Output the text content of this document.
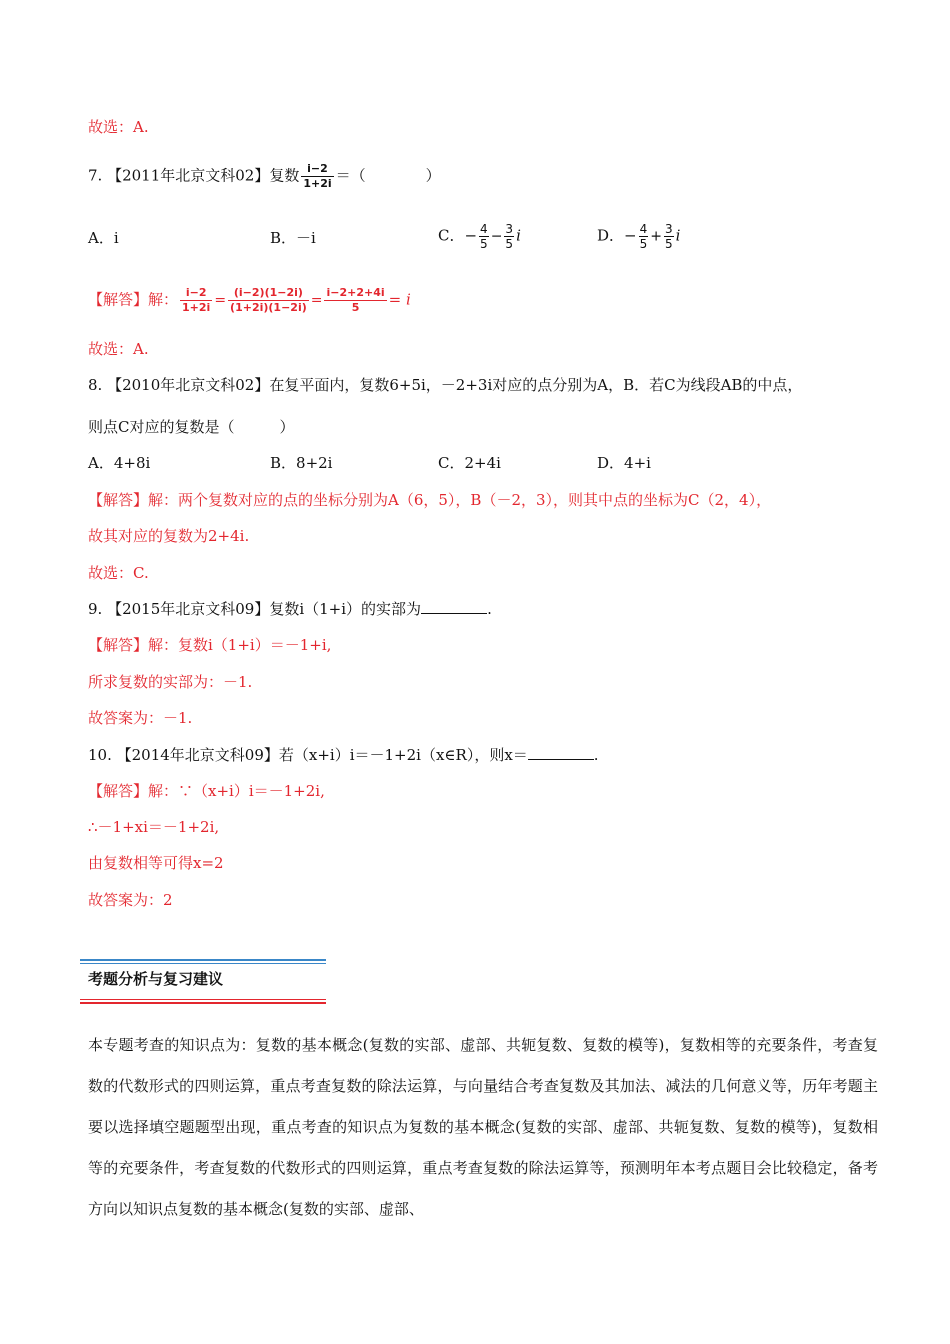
故选：A.
7. 【2011年北京文科02】复数 $\frac{i-2}{1+2i}$ ＝（　　　　）
A．i	B．－i	C．− $\frac{4}{5} - \frac{3}{5}$ i	D．− $\frac{4}{5} + \frac{3}{5}$ i
【解答】解： $\frac{i-2}{1+2i} = \frac{(i-2)(1-2i)}{(1+2i)(1-2i)} = \frac{i-2+2+4i}{5} = i$
故选：A.
8. 【2010年北京文科02】在复平面内，复数6+5i，－2+3i对应的点分别为A，B．若C为线段AB的中点，
则点C对应的复数是（　　　）
A．4+8i	B．8+2i	C．2+4i	D．4+i
【解答】解：两个复数对应的点的坐标分别为A（6，5），B（－2，3），则其中点的坐标为C（2，4），
故其对应的复数为2+4i.
故选：C.
9. 【2015年北京文科09】复数i（1+i）的实部为	.
【解答】解：复数i（1+i）＝－1+i,
所求复数的实部为：－1.
故答案为：－1.
10. 【2014年北京文科09】若（x+i）i＝－1+2i（x∈R），则x＝	.
【解答】解：∵（x+i）i＝－1+2i,
∴－1+xi＝－1+2i,
由复数相等可得x=2
故答案为：2
考题分析与复习建议
本专题考查的知识点为：复数的基本概念(复数的实部、虚部、共轭复数、复数的模等)，复数相等的充要条件，考查复数的代数形式的四则运算，重点考查复数的除法运算，与向量结合考查复数及其加法、减法的几何意义等，历年考题主要以选择填空题题型出现，重点考查的知识点为复数的基本概念(复数的实部、虚部、共轭复数、复数的模等)，复数相等的充要条件，考查复数的代数形式的四则运算，重点考查复数的除法运算等，预测明年本考点题目会比较稳定，备考方向以知识点复数的基本概念(复数的实部、虚部、
